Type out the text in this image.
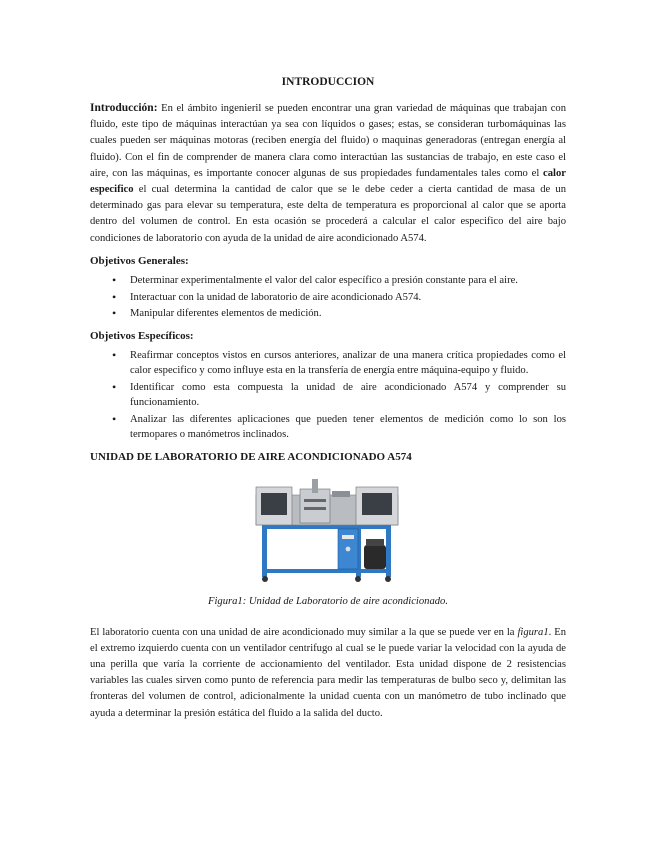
INTRODUCCION

Introducción: En el ámbito ingenieril se pueden encontrar una gran variedad de máquinas que trabajan con fluido, este tipo de máquinas interactúan ya sea con líquidos o gases; estas, se consideran turbomáquinas las cuales pueden ser máquinas motoras (reciben energía del fluido) o maquinas generadoras (entregan energía al fluido). Con el fin de comprender de manera clara como interactúan las sustancias de trabajo, en este caso el aire, con las máquinas, es importante conocer algunas de sus propiedades fundamentales tales como el calor especifico el cual determina la cantidad de calor que se le debe ceder a cierta cantidad de masa de un determinado gas para elevar su temperatura, este delta de temperatura es proporcional al calor que se aporta dentro del volumen de control. En esta ocasión se procederá a calcular el calor especifico del aire bajo condiciones de laboratorio con ayuda de la unidad de aire acondicionado A574.

Objetivos Generales:
• Determinar experimentalmente el valor del calor específico a presión constante para el aire.
• Interactuar con la unidad de laboratorio de aire acondicionado A574.
• Manipular diferentes elementos de medición.
Objetivos Específicos:
• Reafirmar conceptos vistos en cursos anteriores, analizar de una manera crítica propiedades como el calor especifico y como influye esta en la transfería de energía entre máquina-equipo y fluido.
• Identificar como esta compuesta la unidad de aire acondicionado A574 y comprender su funcionamiento.
• Analizar las diferentes aplicaciones que pueden tener elementos de medición como lo son los termopares o manómetros inclinados.
UNIDAD DE LABORATORIO DE AIRE ACONDICIONADO A574
Figura1: Unidad de Laboratorio de aire acondicionado.

El laboratorio cuenta con una unidad de aire acondicionado muy similar a la que se puede ver en la figura1. En el extremo izquierdo cuenta con un ventilador centrifugo al cual se le puede variar la velocidad con la ayuda de una perilla que varía la corriente de accionamiento del ventilador. Esta unidad dispone de 2 resistencias variables las cuales sirven como punto de referencia para medir las temperaturas de bulbo seco y, delimitan las fronteras del volumen de control, adicionalmente la unidad cuenta con un manómetro de tubo inclinado que ayuda a determinar la presión estática del fluido a la salida del ducto.
